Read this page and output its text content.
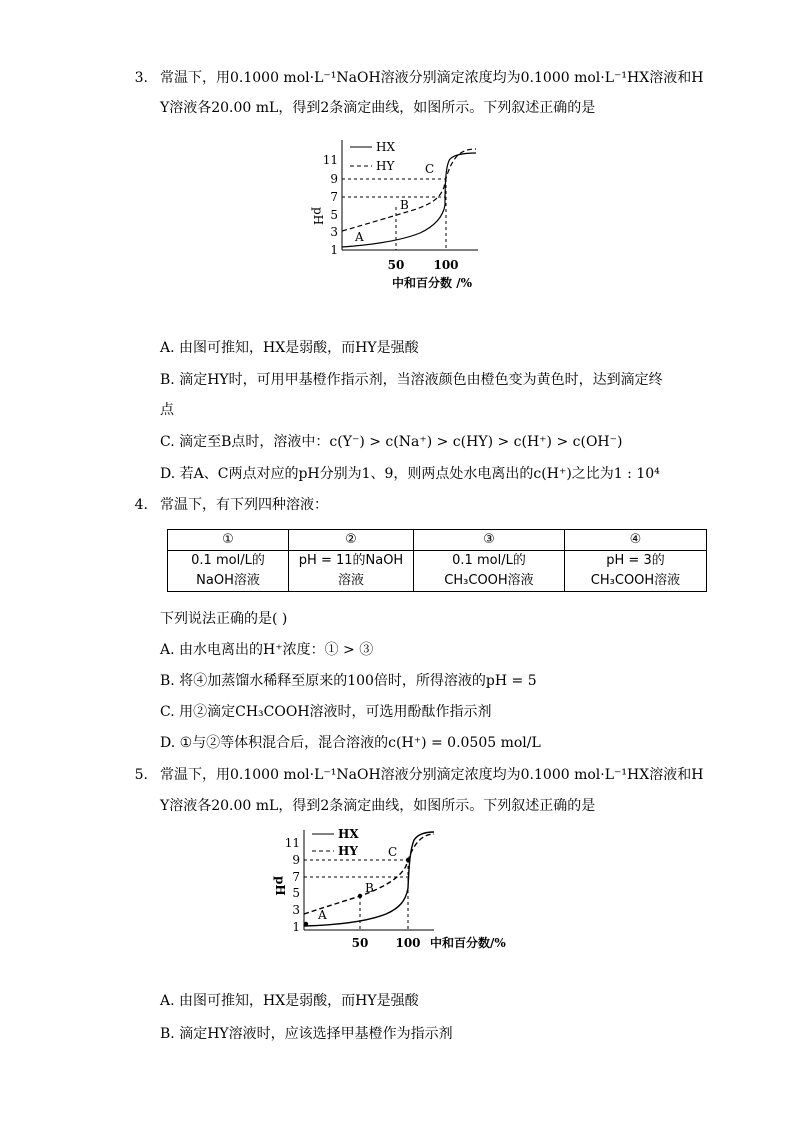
3. 常温下，用0.1000 mol·L⁻¹NaOH溶液分别滴定浓度均为0.1000 mol·L⁻¹HX溶液和H
Y溶液各20.00 mL，得到2条滴定曲线，如图所示。下列叙述正确的是
HX
HY
pH
11
9
7
5
3
1
50 100
中和百分数 /%
A
B
C
A. 由图可推知，HX是弱酸，而HY是强酸
B. 滴定HY时，可用甲基橙作指示剂，当溶液颜色由橙色变为黄色时，达到滴定终
点
C. 滴定至B点时，溶液中：c(Y⁻) > c(Na⁺) > c(HY) > c(H⁺) > c(OH⁻)
D. 若A、C两点对应的pH分别为1、9，则两点处水电离出的c(H⁺)之比为1 : 10⁴
4. 常温下，有下列四种溶液：
①	②	③	④
0.1 mol/L的	pH = 11的NaOH	0.1 mol/L的	pH = 3的
NaOH溶液	溶液	CH₃COOH溶液	CH₃COOH溶液
下列说法正确的是( )
A. 由水电离出的H⁺浓度：① > ③
B. 将④加蒸馏水稀释至原来的100倍时，所得溶液的pH = 5
C. 用②滴定CH₃COOH溶液时，可选用酚酞作指示剂
D. ①与②等体积混合后，混合溶液的c(H⁺) = 0.0505 mol/L
5. 常温下，用0.1000 mol·L⁻¹NaOH溶液分别滴定浓度均为0.1000 mol·L⁻¹HX溶液和H
Y溶液各20.00 mL，得到2条滴定曲线，如图所示。下列叙述正确的是
HX
HY
pH
11
9
7
5
3
1
50 100 中和百分数/%
A
B
C
A. 由图可推知，HX是弱酸，而HY是强酸
B. 滴定HY溶液时，应该选择甲基橙作为指示剂
